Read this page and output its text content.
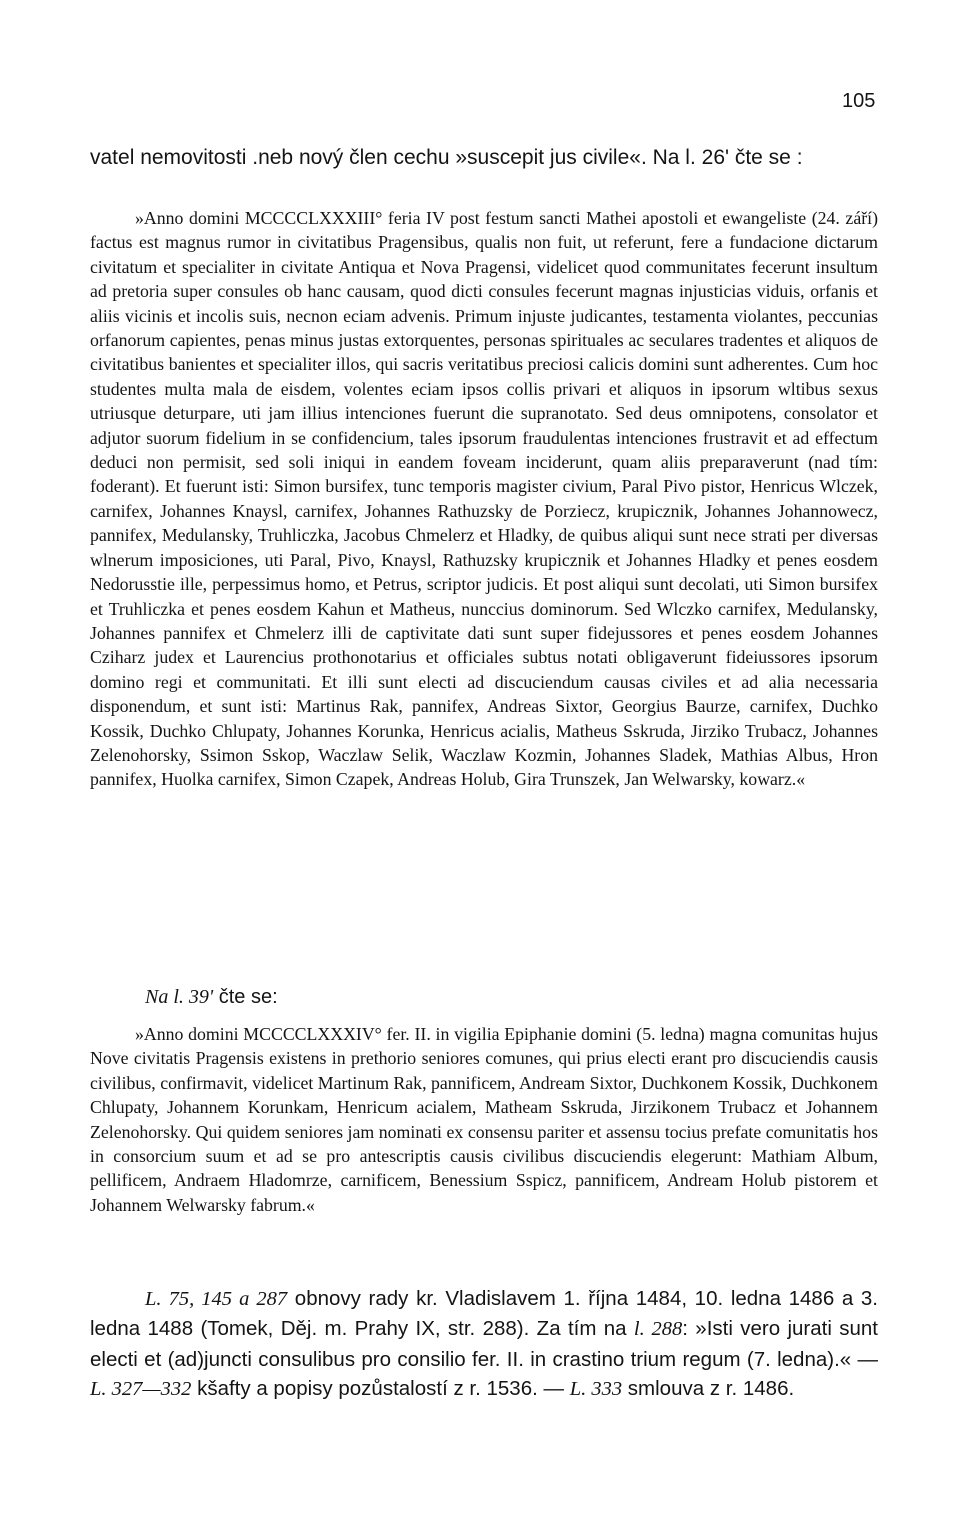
105
vatel nemovitosti .neb nový člen cechu »suscepit jus civile«. Na l. 26' čte se :
»Anno domini MCCCCLXXXIII° feria IV post festum sancti Mathei apostoli et ewangeliste (24. září) factus est magnus rumor in civitatibus Pragensibus, qualis non fuit, ut referunt, fere a fundacione dictarum civitatum et specialiter in civitate Antiqua et Nova Pragensi, videlicet quod communitates fecerunt insultum ad pretoria super consules ob hanc causam, quod dicti consules fecerunt magnas injusticias viduis, orfanis et aliis vicinis et incolis suis, necnon eciam advenis. Primum injuste judicantes, testamenta violantes, peccunias orfanorum capientes, penas minus justas extorquentes, personas spirituales ac seculares tradentes et aliquos de civitatibus banientes et specialiter illos, qui sacris veritatibus preciosi calicis domini sunt adherentes. Cum hoc studentes multa mala de eisdem, volentes eciam ipsos collis privari et aliquos in ipsorum wltibus sexus utriusque deturpare, uti jam illius intenciones fuerunt die supranotato. Sed deus omnipotens, consolator et adjutor suorum fidelium in se confidencium, tales ipsorum fraudulentas intenciones frustravit et ad effectum deduci non permisit, sed soli iniqui in eandem foveam inciderunt, quam aliis preparaverunt (nad tím: foderant). Et fuerunt isti: Simon bursifex, tunc temporis magister civium, Paral Pivo pistor, Henricus Wlczek, carnifex, Johannes Knaysl, carnifex, Johannes Rathuzsky de Porziecz, krupicznik, Johannes Johannowecz, pannifex, Medulansky, Truhliczka, Jacobus Chmelerz et Hladky, de quibus aliqui sunt nece strati per diversas wlnerum imposiciones, uti Paral, Pivo, Knaysl, Rathuzsky krupicznik et Johannes Hladky et penes eosdem Nedorusstie ille, perpessimus homo, et Petrus, scriptor judicis. Et post aliqui sunt decolati, uti Simon bursifex et Truhliczka et penes eosdem Kahun et Matheus, nunccius dominorum. Sed Wlczko carnifex, Medulansky, Johannes pannifex et Chmelerz illi de captivitate dati sunt super fidejussores et penes eosdem Johannes Cziharz judex et Laurencius prothonotarius et officiales subtus notati obligaverunt fideiussores ipsorum domino regi et communitati. Et illi sunt electi ad discuciendum causas civiles et ad alia necessaria disponendum, et sunt isti: Martinus Rak, pannifex, Andreas Sixtor, Georgius Baurze, carnifex, Duchko Kossik, Duchko Chlupaty, Johannes Korunka, Henricus acialis, Matheus Sskruda, Jirziko Trubacz, Johannes Zelenohorsky, Ssimon Sskop, Waczlaw Selik, Waczlaw Kozmin, Johannes Sladek, Mathias Albus, Hron pannifex, Huolka carnifex, Simon Czapek, Andreas Holub, Gira Trunszek, Jan Welwarsky, kowarz.«
Na l. 39' čte se:
»Anno domini MCCCCLXXXIV° fer. II. in vigilia Epiphanie domini (5. ledna) magna comunitas hujus Nove civitatis Pragensis existens in prethorio seniores comunes, qui prius electi erant pro discuciendis causis civilibus, confirmavit, videlicet Martinum Rak, pannificem, Andream Sixtor, Duchkonem Kossik, Duchkonem Chlupaty, Johannem Korunkam, Henricum acialem, Matheam Sskruda, Jirzikonem Trubacz et Johannem Zelenohorsky. Qui quidem seniores jam nominati ex consensu pariter et assensu tocius prefate comunitatis hos in consorcium suum et ad se pro antescriptis causis civilibus discuciendis elegerunt: Mathiam Album, pellificem, Andraem Hladomrze, carnificem, Benessium Sspicz, pannificem, Andream Holub pistorem et Johannem Welwarsky fabrum.«
L. 75, 145 a 287 obnovy rady kr. Vladislavem 1. října 1484, 10. ledna 1486 a 3. ledna 1488 (Tomek, Děj. m. Prahy IX, str. 288). Za tím na l. 288: »Isti vero jurati sunt electi et (ad)juncti consulibus pro consilio fer. II. in crastino trium regum (7. ledna).« — L. 327—332 kšafty a popisy pozůstalostí z r. 1536. — L. 333 smlouva z r. 1486.
